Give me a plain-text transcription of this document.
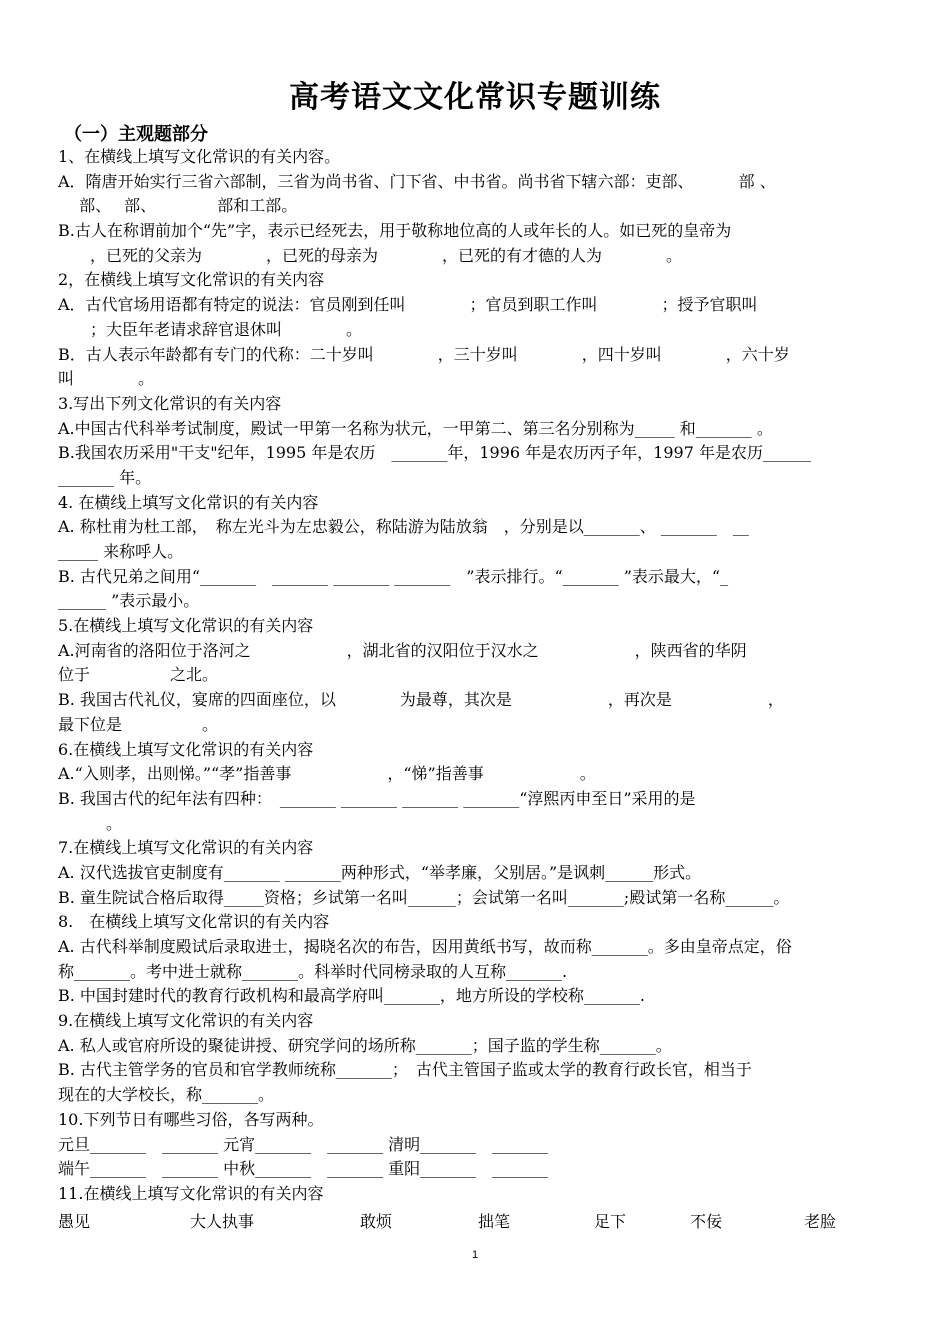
高考语文文化常识专题训练
（一）主观题部分
1、在横线上填写文化常识的有关内容。
A．隋唐开始实行三省六部制，三省为尚书省、门下省、中书省。尚书省下辖六部：吏部、　　　 部 、
　 部、　 部、　　　　 部和工部。
B.古人在称谓前加个“先”字，表示已经死去，用于敬称地位高的人或年长的人。如已死的皇帝为
　　，已死的父亲为　　　　，已死的母亲为　　　　，已死的有才德的人为　　　　。
2，在横线上填写文化常识的有关内容
A．古代官场用语都有特定的说法：官员刚到任叫　　　　；官员到职工作叫　　　　；授予官职叫
　　；大臣年老请求辞官退休叫　　　　。
B．古人表示年龄都有专门的代称：二十岁叫　　　　，三十岁叫　　　　，四十岁叫　　　　，六十岁
叫　　　　。
3.写出下列文化常识的有关内容
A.中国古代科举考试制度，殿试一甲第一名称为状元，一甲第二、第三名分别称为_____ 和_______ 。
B.我国农历采用"干支"纪年，1995 年是农历　_______年，1996 年是农历丙子年，1997 年是农历______
_______ 年。
4. 在横线上填写文化常识的有关内容
A. 称杜甫为杜工部，　称左光斗为左忠毅公，称陆游为陆放翁　，分别是以_______、 _______　__
_____ 来称呼人。
B. 古代兄弟之间用“_______　_______ _______ _______　”表示排行。“_______ ”表示最大，“_
______ ”表示最小。
5.在横线上填写文化常识的有关内容
A.河南省的洛阳位于洛河之　　　　　　，湖北省的汉阳位于汉水之　　　　　　，陕西省的华阴
位于　　　　　之北。
B. 我国古代礼仪，宴席的四面座位，以　　　　为最尊，其次是　　　　　　，再次是　　　　　　，
最下位是　　　　　。
6.在横线上填写文化常识的有关内容
A.“入则孝，出则悌。”“孝”指善事　　　　　　，“悌”指善事　　　　　　。
B. 我国古代的纪年法有四种：　_______ _______ _______ _______“淳熙丙申至日”采用的是
　　　。
7.在横线上填写文化常识的有关内容
A. 汉代选拔官吏制度有_______ _______两种形式，“举孝廉，父别居。”是讽刺______形式。
B. 童生院试合格后取得_____资格；乡试第一名叫______；会试第一名叫_______;殿试第一名称______。
8.　在横线上填写文化常识的有关内容
A. 古代科举制度殿试后录取进士，揭晓名次的布告，因用黄纸书写，故而称_______。多由皇帝点定，俗
称_______。考中进士就称_______。科举时代同榜录取的人互称_______.
B. 中国封建时代的教育行政机构和最高学府叫_______，地方所设的学校称_______.
9.在横线上填写文化常识的有关内容
A. 私人或官府所设的聚徒讲授、研究学问的场所称_______；国子监的学生称_______。
B. 古代主管学务的官员和官学教师统称_______；　古代主管国子监或太学的教育行政长官，相当于
现在的大学校长，称_______。
10.下列节日有哪些习俗，各写两种。
元旦_______　_______ 元宵_______　_______ 清明_______　_______
端午_______　_______ 中秋_______　_______ 重阳_______　_______
11.在横线上填写文化常识的有关内容
愚见	大人执事	敢烦	拙笔	足下	不佞	老脸
1
